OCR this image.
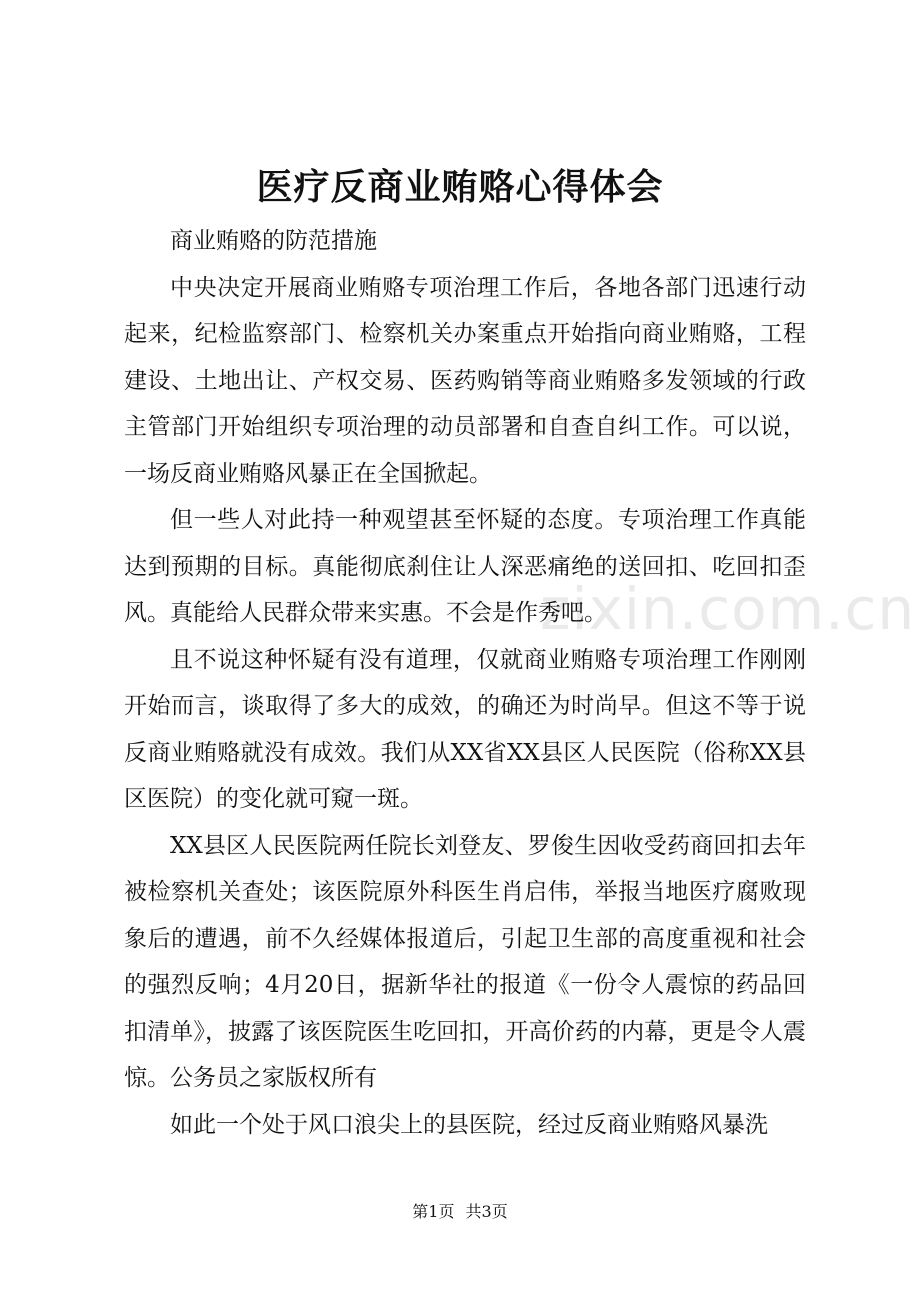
医疗反商业贿赂心得体会
zixin.com.cn

商业贿赂的防范措施

中央决定开展商业贿赂专项治理工作后，各地各部门迅速行动起来，纪检监察部门、检察机关办案重点开始指向商业贿赂，工程建设、土地出让、产权交易、医药购销等商业贿赂多发领域的行政主管部门开始组织专项治理的动员部署和自查自纠工作。可以说，一场反商业贿赂风暴正在全国掀起。

但一些人对此持一种观望甚至怀疑的态度。专项治理工作真能达到预期的目标。真能彻底刹住让人深恶痛绝的送回扣、吃回扣歪风。真能给人民群众带来实惠。不会是作秀吧。

且不说这种怀疑有没有道理，仅就商业贿赂专项治理工作刚刚开始而言，谈取得了多大的成效，的确还为时尚早。但这不等于说反商业贿赂就没有成效。我们从XX省XX县区人民医院（俗称XX县区医院）的变化就可窥一斑。

XX县区人民医院两任院长刘登友、罗俊生因收受药商回扣去年被检察机关查处；该医院原外科医生肖启伟，举报当地医疗腐败现象后的遭遇，前不久经媒体报道后，引起卫生部的高度重视和社会的强烈反响；4月20日，据新华社的报道《一份令人震惊的药品回扣清单》，披露了该医院医生吃回扣，开高价药的内幕，更是令人震惊。公务员之家版权所有

如此一个处于风口浪尖上的县医院，经过反商业贿赂风暴洗

第1页 共3页
